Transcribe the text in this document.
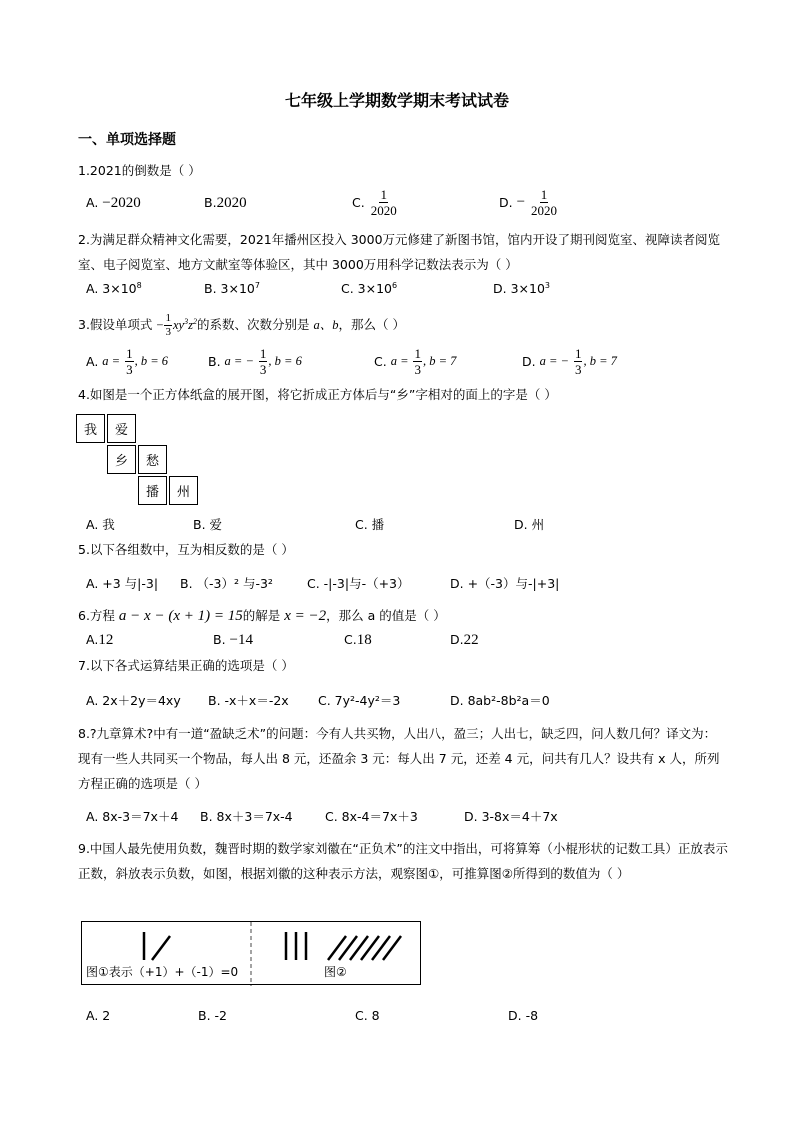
七年级上学期数学期末考试试卷
一、单项选择题
1.2021的倒数是（ ）
A. −2020	B.2020	C. $\frac{1}{2020}$	D. − $\frac{1}{2020}$
2.为满足群众精神文化需要，2021年播州区投入 3000万元修建了新图书馆，馆内开设了期刊阅览室、视障读者阅览室、电子阅览室、地方文献室等体验区，其中 3000万用科学记数法表示为（ ）
A. $3\times 10^8$	B. $3\times 10^7$	C. $3\times 10^6$	D. $3\times 10^3$
3.假设单项式 − $\frac{1}{3} xy^3z^2$的系数、次数分别是 a、b，那么（ ）
A. $a = \frac{1}{3}$ , b = 6	B. a = − $\frac{1}{3}$ , b = 6	C. $a = \frac{1}{3}$ , b = 7	D. a = − $\frac{1}{3}$ , b = 7
4.如图是一个正方体纸盒的展开图，将它折成正方体后与“乡”字相对的面上的字是（ ）
我	爱
乡	愁
播	州
A. 我	B. 爱	C. 播	D. 州
5.以下各组数中，互为相反数的是（ ）
A. +3 与|-3| B. （-3）² 与-3²	C. -|-3|与-（+3）	D. +（-3）与-|+3|
6.方程 a − x − (x + 1) = 15的解是 x = −2，那么 a 的值是（ ）
A.12	B. −14	C.18	D.22
7.以下各式运算结果正确的选项是（ ）
A. 2x＋2y＝4xy B. -x＋x＝-2x C. 7y²-4y²＝3	D. 8ab²-8b²a＝0
8.?九章算术?中有一道“盈缺乏术”的问题：今有人共买物，人出八，盈三；人出七，缺乏四，问人数几何？译文为：现有一些人共同买一个物品，每人出 8 元，还盈余 3 元：每人出 7 元，还差 4 元，问共有几人？设共有 x 人，所列方程正确的选项是（ ）
A. 8x-3＝7x＋4 B. 8x＋3＝7x-4	C. 8x-4＝7x＋3	D. 3-8x＝4＋7x
9.中国人最先使用负数，魏晋时期的数学家刘徽在“正负术”的注文中指出，可将算筹（小棍形状的记数工具）正放表示正数，斜放表示负数，如图，根据刘徽的这种表示方法，观察图①，可推算图②所得到的数值为（ ）
图①表示（+1）+（-1）=0	图②
A. 2	B. -2	C. 8	D. -8
